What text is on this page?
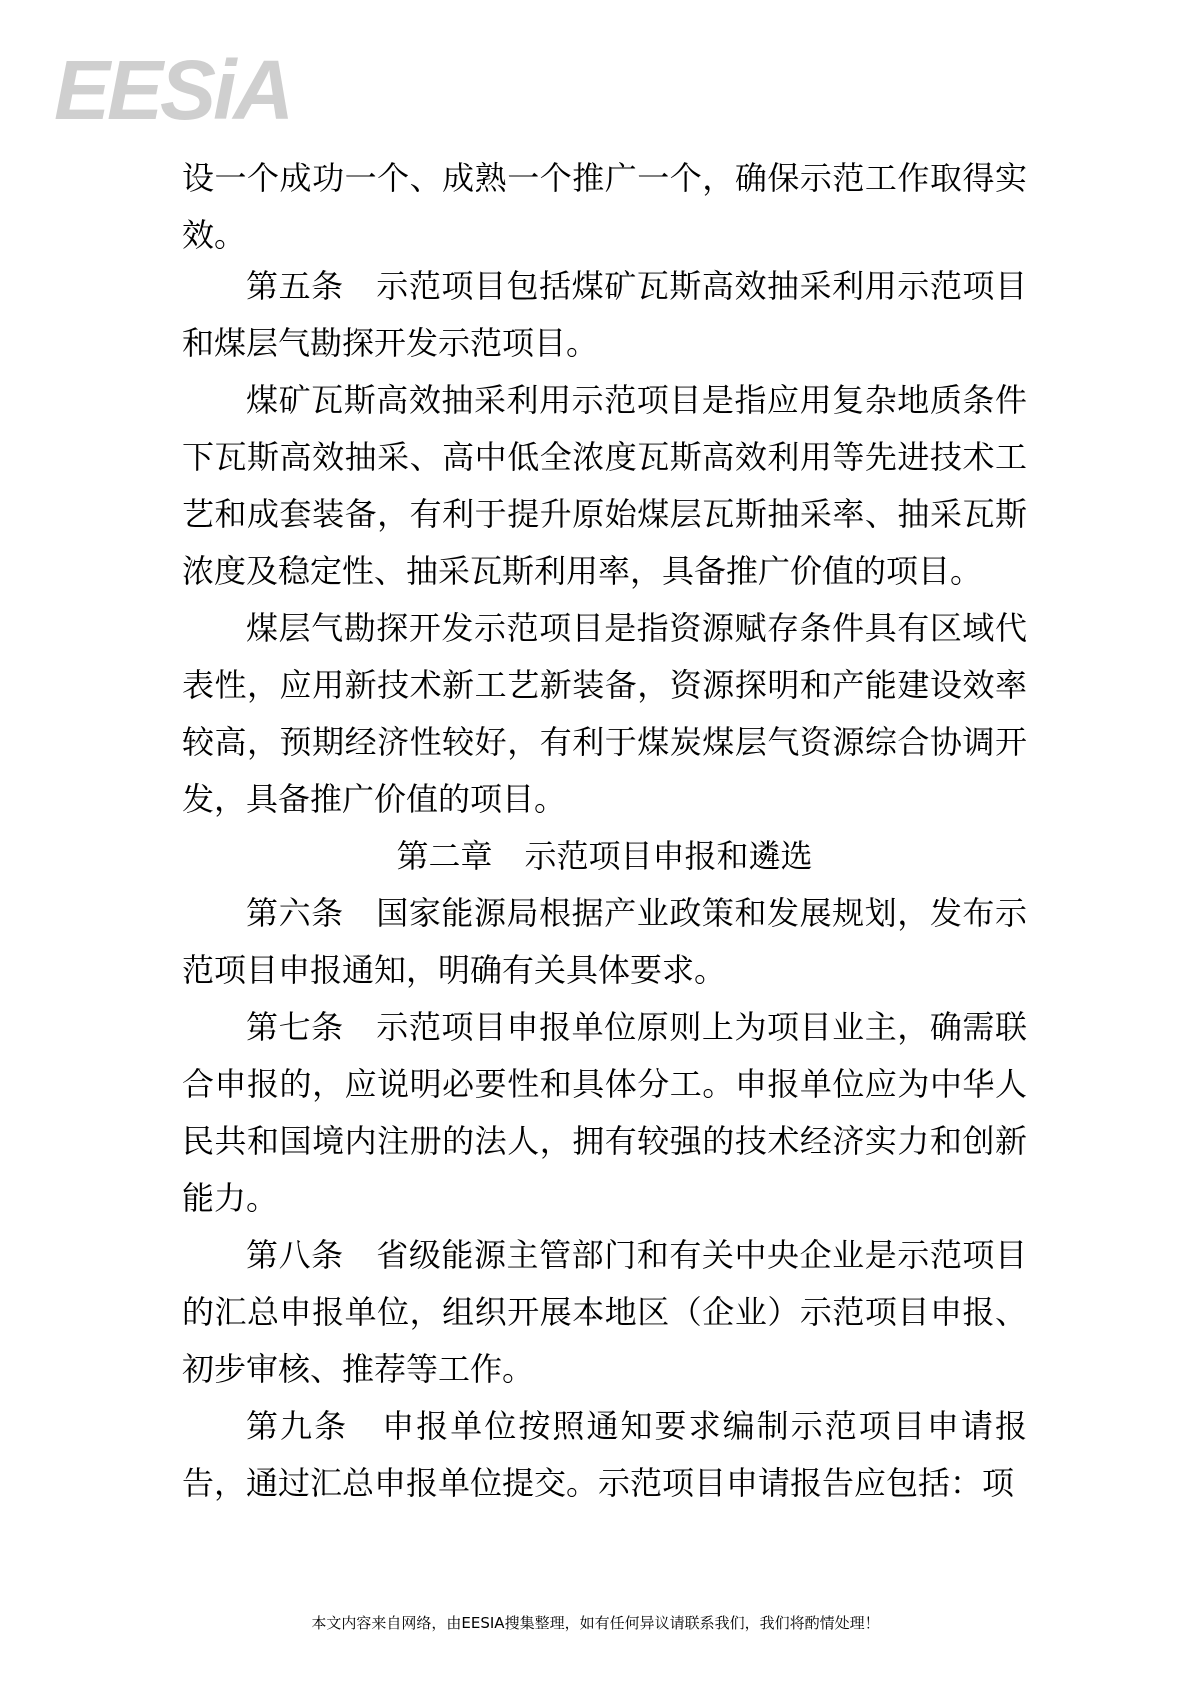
EESiA

设一个成功一个、成熟一个推广一个，确保示范工作取得实效。

第五条　示范项目包括煤矿瓦斯高效抽采利用示范项目和煤层气勘探开发示范项目。

煤矿瓦斯高效抽采利用示范项目是指应用复杂地质条件下瓦斯高效抽采、高中低全浓度瓦斯高效利用等先进技术工艺和成套装备，有利于提升原始煤层瓦斯抽采率、抽采瓦斯浓度及稳定性、抽采瓦斯利用率，具备推广价值的项目。

煤层气勘探开发示范项目是指资源赋存条件具有区域代表性，应用新技术新工艺新装备，资源探明和产能建设效率较高，预期经济性较好，有利于煤炭煤层气资源综合协调开发，具备推广价值的项目。

第二章　示范项目申报和遴选

第六条　国家能源局根据产业政策和发展规划，发布示范项目申报通知，明确有关具体要求。

第七条　示范项目申报单位原则上为项目业主，确需联合申报的，应说明必要性和具体分工。申报单位应为中华人民共和国境内注册的法人，拥有较强的技术经济实力和创新能力。

第八条　省级能源主管部门和有关中央企业是示范项目的汇总申报单位，组织开展本地区（企业）示范项目申报、初步审核、推荐等工作。

第九条　申报单位按照通知要求编制示范项目申请报告，通过汇总申报单位提交。示范项目申请报告应包括：项

本文内容来自网络，由EESIA搜集整理，如有任何异议请联系我们，我们将酌情处理！
